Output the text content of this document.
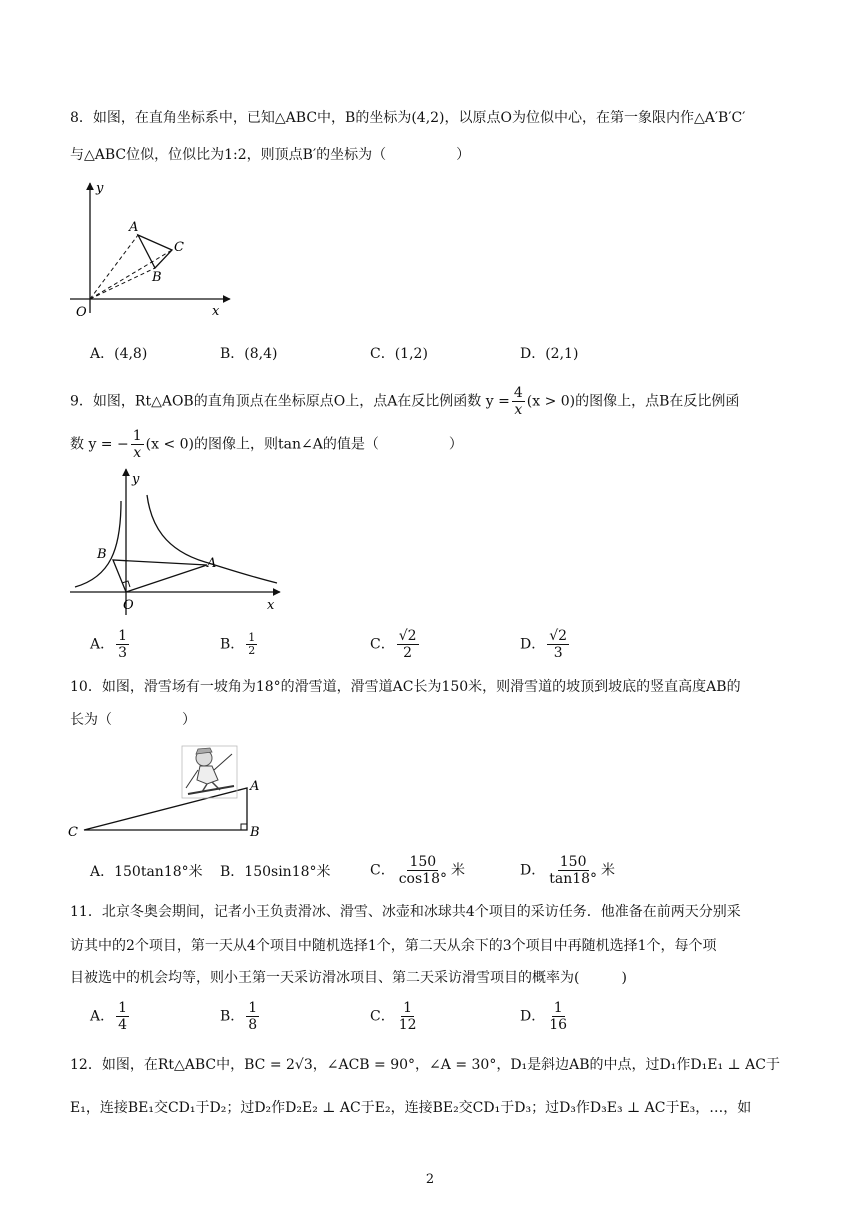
8．如图，在直角坐标系中，已知△ABC中，B的坐标为(4,2)，以原点O为位似中心，在第一象限内作△A′B′C′
与△ABC位似，位似比为1:2，则顶点B′的坐标为（　　　　　）
y
x
O
A
C
B
A．(4,8)	B．(8,4)	C．(1,2)	D．(2,1)
9．如图，Rt△AOB的直角顶点在坐标原点O上，点A在反比例函数 $y = \frac{4}{x} (x > 0)$的图像上，点B在反比例函
数 y = − $\frac{1}{x} (x < 0)$的图像上，则tan∠A的值是（　　　　　）
y
x
O
B
A
A． $\frac{1}{3}$	B． $\frac{1}{2}$	C． $\frac{√2}{2}$	D． $\frac{√2}{3}$
10．如图，滑雪场有一坡角为18°的滑雪道，滑雪道AC长为150米，则滑雪道的坡顶到坡底的竖直高度AB的
长为（　　　　　）
A
B
C
A．150tan18°米 B．150sin18°米	C． $\frac{150}{\cos 18^\circ}$ 米	D． $\frac{150}{\tan 18^\circ}$ 米
11．北京冬奥会期间，记者小王负责滑冰、滑雪、冰壶和冰球共4个项目的采访任务．他准备在前两天分别采
访其中的2个项目，第一天从4个项目中随机选择1个，第二天从余下的3个项目中再随机选择1个，每个项
目被选中的机会均等，则小王第一天采访滑冰项目、第二天采访滑雪项目的概率为(　　　)
A． $\frac{1}{4}$	B． $\frac{1}{8}$	C． $\frac{1}{12}$	D． $\frac{1}{16}$
12．如图，在Rt△ABC中，BC = 2√3，∠ACB = 90°，∠A = 30°，D₁是斜边AB的中点，过D₁作D₁E₁ ⊥ AC于
E₁，连接BE₁交CD₁于D₂；过D₂作D₂E₂ ⊥ AC于E₂，连接BE₂交CD₁于D₃；过D₃作D₃E₃ ⊥ AC于E₃，…，如
2
